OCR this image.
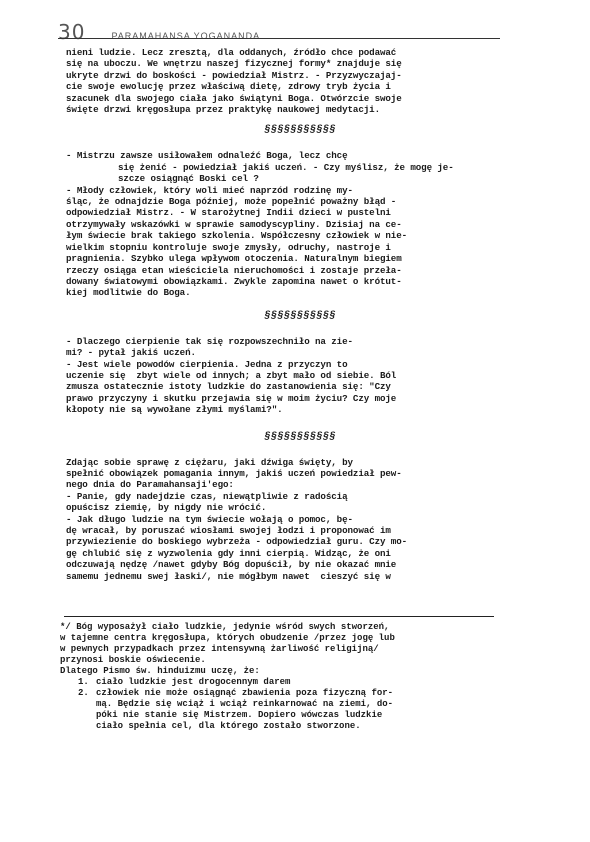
30	PARAMAHANSA YOGANANDA

nieni ludzie. Lecz zresztą, dla oddanych, źródło chce podawać
się na uboczu. We wnętrzu naszej fizycznej formy* znajduje się
ukryte drzwi do boskości - powiedział Mistrz. - Przyzwyczajaj-
cie swoje ewolucję przez właściwą dietę, zdrowy tryb życia i
szacunek dla swojego ciała jako świątyni Boga. Otwórzcie swoje
święte drzwi kręgosłupa przez praktykę naukowej medytacji.

§§§§§§§§§§§

- Mistrzu zawsze usiłowałem odnaleźć Boga, lecz chcę
się żenić - powiedział jakiś uczeń. - Czy myślisz, że mogę je-
szcze osiągnąć Boski cel ?

- Młody człowiek, który woli mieć naprzód rodzinę my-
śląc, że odnajdzie Boga później, może popełnić poważny błąd -
odpowiedział Mistrz. - W starożytnej Indii dzieci w pustelni
otrzymywały wskazówki w sprawie samodyscypliny. Dzisiaj na ce-
łym świecie brak takiego szkolenia. Współczesny człowiek w nie-
wielkim stopniu kontroluje swoje zmysły, odruchy, nastroje i
pragnienia. Szybko ulega wpływom otoczenia. Naturalnym biegiem
rzeczy osiąga etan wieściciela nieruchomości i zostaje przeła-
dowany światowymi obowiązkami. Zwykle zapomina nawet o krótut-
kiej modlitwie do Boga.

§§§§§§§§§§§

- Dlaczego cierpienie tak się rozpowszechniło na zie-
mi? - pytał jakiś uczeń.

- Jest wiele powodów cierpienia. Jedna z przyczyn to
uczenie się  zbyt wiele od innych; a zbyt mało od siebie. Ból
zmusza ostatecznie istoty ludzkie do zastanowienia się: "Czy
prawo przyczyny i skutku przejawia się w moim życiu? Czy moje
kłopoty nie są wywołane złymi myślami?".

§§§§§§§§§§§

Zdając sobie sprawę z ciężaru, jaki dźwiga święty, by
spełnić obowiązek pomagania innym, jakiś uczeń powiedział pew-
nego dnia do Paramahansaji'ego:

- Panie, gdy nadejdzie czas, niewątpliwie z radością
opuścisz ziemię, by nigdy nie wrócić.

- Jak długo ludzie na tym świecie wołają o pomoc, bę-
dę wracał, by poruszać wiosłami swojej łodzi i proponować im
przywiezienie do boskiego wybrzeża - odpowiedział guru. Czy mo-
gę chlubić się z wyzwolenia gdy inni cierpią. Widząc, że oni
odczuwają nędzę /nawet gdyby Bóg dopuścił, by nie okazać mnie
samemu jednemu swej łaski/, nie mógłbym nawet  cieszyć się w

*/ Bóg wyposażył ciało ludzkie, jedynie wśród swych stworzeń,
w tajemne centra kręgosłupa, których obudzenie /przez jogę lub
w pewnych przypadkach przez intensywną żarliwość religijną/
przynosi boskie oświecenie.
Dlatego Pismo św. hinduizmu uczę, że:

1. ciało ludzkie jest drogocennym darem
2. człowiek nie może osiągnąć zbawienia poza fizyczną for-
mą. Będzie się wciąż i wciąż reinkarnować na ziemi, do-
póki nie stanie się Mistrzem. Dopiero wówczas ludzkie
ciało spełnia cel, dla którego zostało stworzone.
